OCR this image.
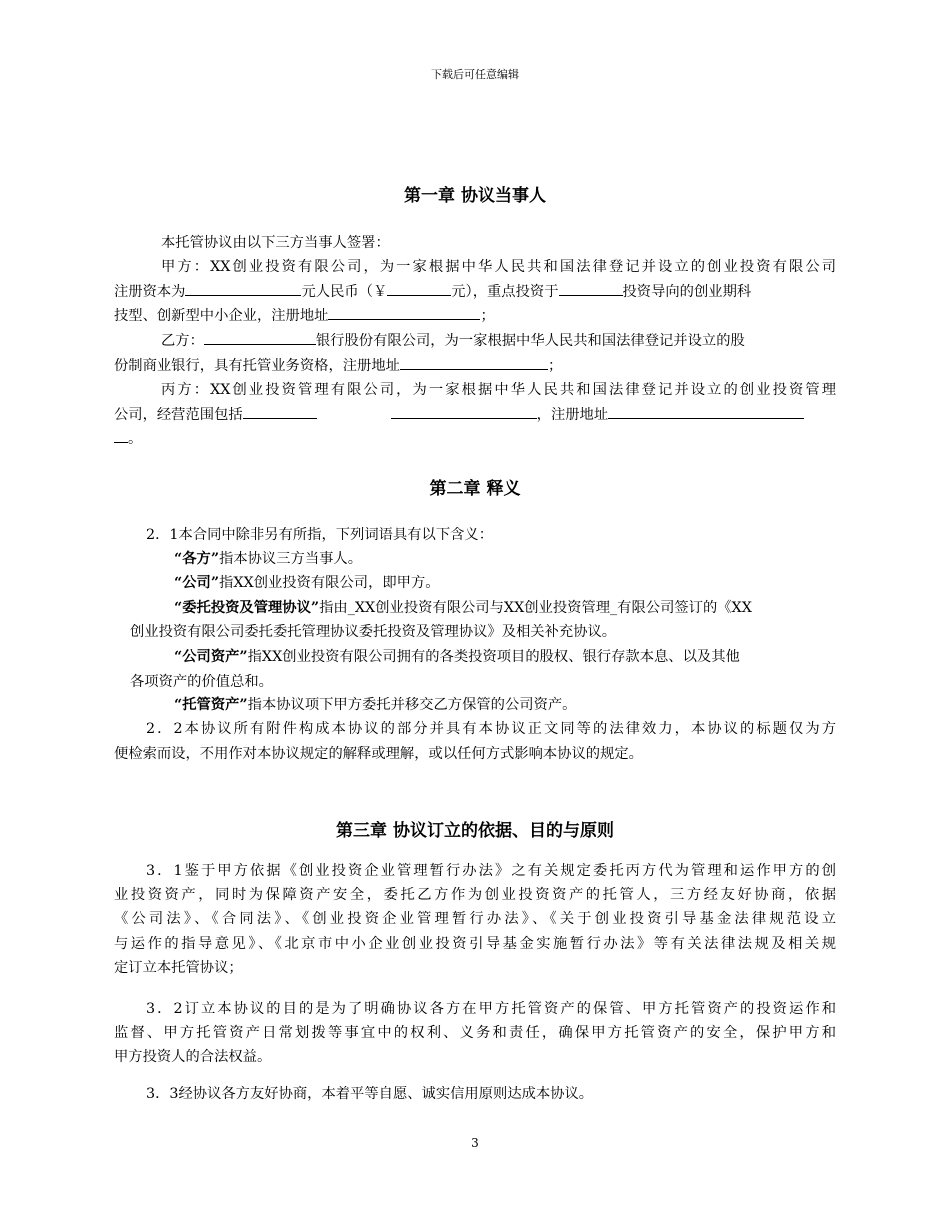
下载后可任意编辑
第一章 协议当事人
本托管协议由以下三方当事人签署：
甲方：XX创业投资有限公司，为一家根据中华人民共和国法律登记并设立的创业投资有限公司
注册资本为	元人民币（￥	元），重点投资于	投资导向的创业期科
技型、创新型中小企业，注册地址	；
乙方：	银行股份有限公司，为一家根据中华人民共和国法律登记并设立的股
份制商业银行，具有托管业务资格，注册地址	；
丙方：XX创业投资管理有限公司，为一家根据中华人民共和国法律登记并设立的创业投资管理
公司，经营范围包括	，注册地址
。
第二章 释义
2．1本合同中除非另有所指，下列词语具有以下含义：
“各方”指本协议三方当事人。
“公司”指XX创业投资有限公司，即甲方。
“委托投资及管理协议”指由_XX创业投资有限公司与XX创业投资管理_有限公司签订的《XX
创业投资有限公司委托委托管理协议委托投资及管理协议》及相关补充协议。
“公司资产”指XX创业投资有限公司拥有的各类投资项目的股权、银行存款本息、以及其他
各项资产的价值总和。
“托管资产”指本协议项下甲方委托并移交乙方保管的公司资产。
2．2本协议所有附件构成本协议的部分并具有本协议正文同等的法律效力，本协议的标题仅为方
便检索而设，不用作对本协议规定的解释或理解，或以任何方式影响本协议的规定。
第三章 协议订立的依据、目的与原则
3．1鉴于甲方依据《创业投资企业管理暂行办法》之有关规定委托丙方代为管理和运作甲方的创
业投资资产，同时为保障资产安全，委托乙方作为创业投资资产的托管人，三方经友好协商，依据
《公司法》、《合同法》、《创业投资企业管理暂行办法》、《关于创业投资引导基金法律规范设立
与运作的指导意见》、《北京市中小企业创业投资引导基金实施暂行办法》等有关法律法规及相关规
定订立本托管协议；
3．2订立本协议的目的是为了明确协议各方在甲方托管资产的保管、甲方托管资产的投资运作和
监督、甲方托管资产日常划拨等事宜中的权利、义务和责任，确保甲方托管资产的安全，保护甲方和
甲方投资人的合法权益。
3．3经协议各方友好协商，本着平等自愿、诚实信用原则达成本协议。
3
